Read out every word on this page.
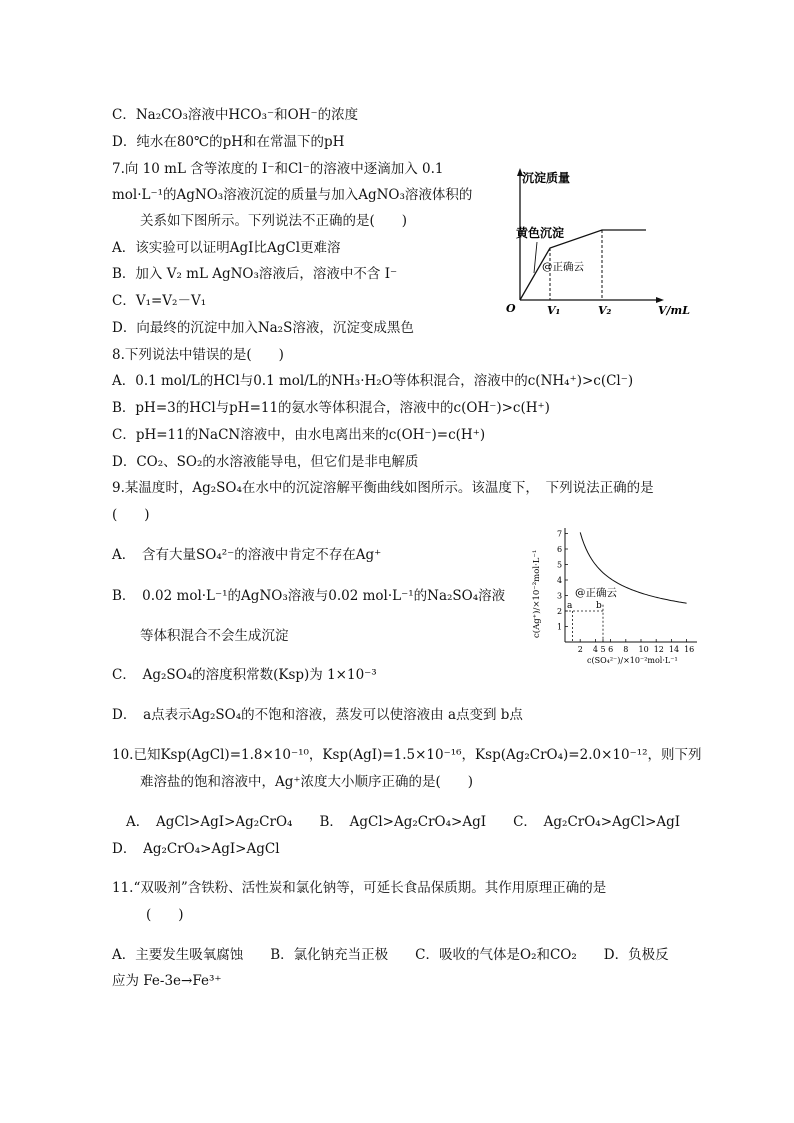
C．Na₂CO₃溶液中HCO₃⁻和OH⁻的浓度
D．纯水在80℃的pH和在常温下的pH
7.向 10 mL 含等浓度的 I⁻和Cl⁻的溶液中逐滴加入 0.1
mol·L⁻¹的AgNO₃溶液沉淀的质量与加入AgNO₃溶液体积的
关系如下图所示。下列说法不正确的是(　　)
A．该实验可以证明AgI比AgCl更难溶
B．加入 V₂ mL AgNO₃溶液后，溶液中不含 I⁻
C．V₁=V₂－V₁
D．向最终的沉淀中加入Na₂S溶液，沉淀变成黑色
沉淀质量
V/mL
O	V₁	V₂
黄色沉淀
@正确云
8.下列说法中错误的是(　　)
A．0.1 mol/L的HCl与0.1 mol/L的NH₃·H₂O等体积混合，溶液中的c(NH₄⁺)>c(Cl⁻)
B．pH=3的HCl与pH=11的氨水等体积混合，溶液中的c(OH⁻)>c(H⁺)
C．pH=11的NaCN溶液中，由水电离出来的c(OH⁻)=c(H⁺)
D．CO₂、SO₂的水溶液能导电，但它们是非电解质
9.某温度时，Ag₂SO₄在水中的沉淀溶解平衡曲线如图所示。该温度下，　下列说法正确的是
(　　)
A．　含有大量SO₄²⁻的溶液中肯定不存在Ag⁺
B．　0.02 mol·L⁻¹的AgNO₃溶液与0.02 mol·L⁻¹的Na₂SO₄溶液
等体积混合不会生成沉淀
C．　Ag₂SO₄的溶度积常数(Ksp)为 1×10⁻³
D．　a点表示Ag₂SO₄的不饱和溶液，蒸发可以使溶液由 a点变到 b点
1
2
3
4
5
6
7
2 4 5 6 8 10 12 14 16
c(Ag⁺)/×10⁻²mol·L⁻¹
c(SO₄²⁻)/×10⁻²mol·L⁻¹
a	b
@正确云
10.已知Ksp(AgCl)=1.8×10⁻¹⁰，Ksp(AgI)=1.5×10⁻¹⁶，Ksp(Ag₂CrO₄)=2.0×10⁻¹²，则下列
难溶盐的饱和溶液中，Ag⁺浓度大小顺序正确的是(　　)
A．　AgCl>AgI>Ag₂CrO₄　　B．　AgCl>Ag₂CrO₄>AgI　　C．　Ag₂CrO₄>AgCl>AgI
D．　Ag₂CrO₄>AgI>AgCl
11.“双吸剂”含铁粉、活性炭和氯化钠等，可延长食品保质期。其作用原理正确的是
(　　)
A．主要发生吸氧腐蚀　　B．氯化钠充当正极　　C．吸收的气体是O₂和CO₂　　D．负极反
应为 Fe-3e→Fe³⁺
